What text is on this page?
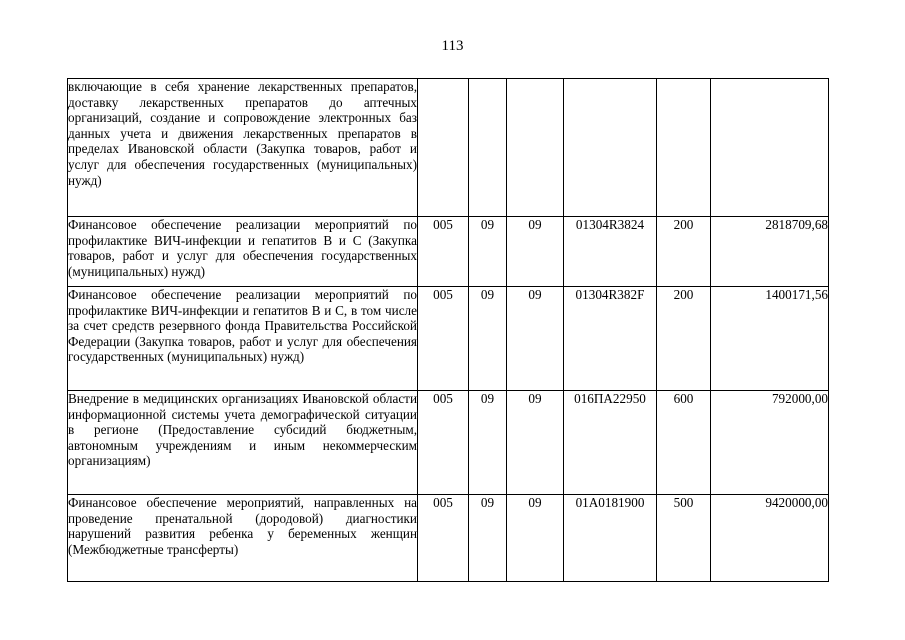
113
включающие в себя хранение лекарственных препаратов, доставку лекарственных препаратов до аптечных организаций, создание и сопровождение электронных баз данных учета и движения лекарственных препаратов в пределах Ивановской области (Закупка товаров, работ и услуг для обеспечения государственных (муниципальных) нужд)						
Финансовое обеспечение реализации мероприятий по профилактике ВИЧ-инфекции и гепатитов В и С (Закупка товаров, работ и услуг для обеспечения государственных (муниципальных) нужд)	005	09	09	01304R3824	200	2818709,68
Финансовое обеспечение реализации мероприятий по профилактике ВИЧ-инфекции и гепатитов В и С, в том числе за счет средств резервного фонда Правительства Российской Федерации (Закупка товаров, работ и услуг для обеспечения государственных (муниципальных) нужд)	005	09	09	01304R382F	200	1400171,56
Внедрение в медицинских организациях Ивановской области информационной системы учета демографической ситуации в регионе (Предоставление субсидий бюджетным, автономным учреждениям и иным некоммерческим организациям)	005	09	09	016ПА22950	600	792000,00
Финансовое обеспечение мероприятий, направленных на проведение пренатальной (дородовой) диагностики нарушений развития ребенка у беременных женщин (Межбюджетные трансферты)	005	09	09	01А0181900	500	9420000,00
